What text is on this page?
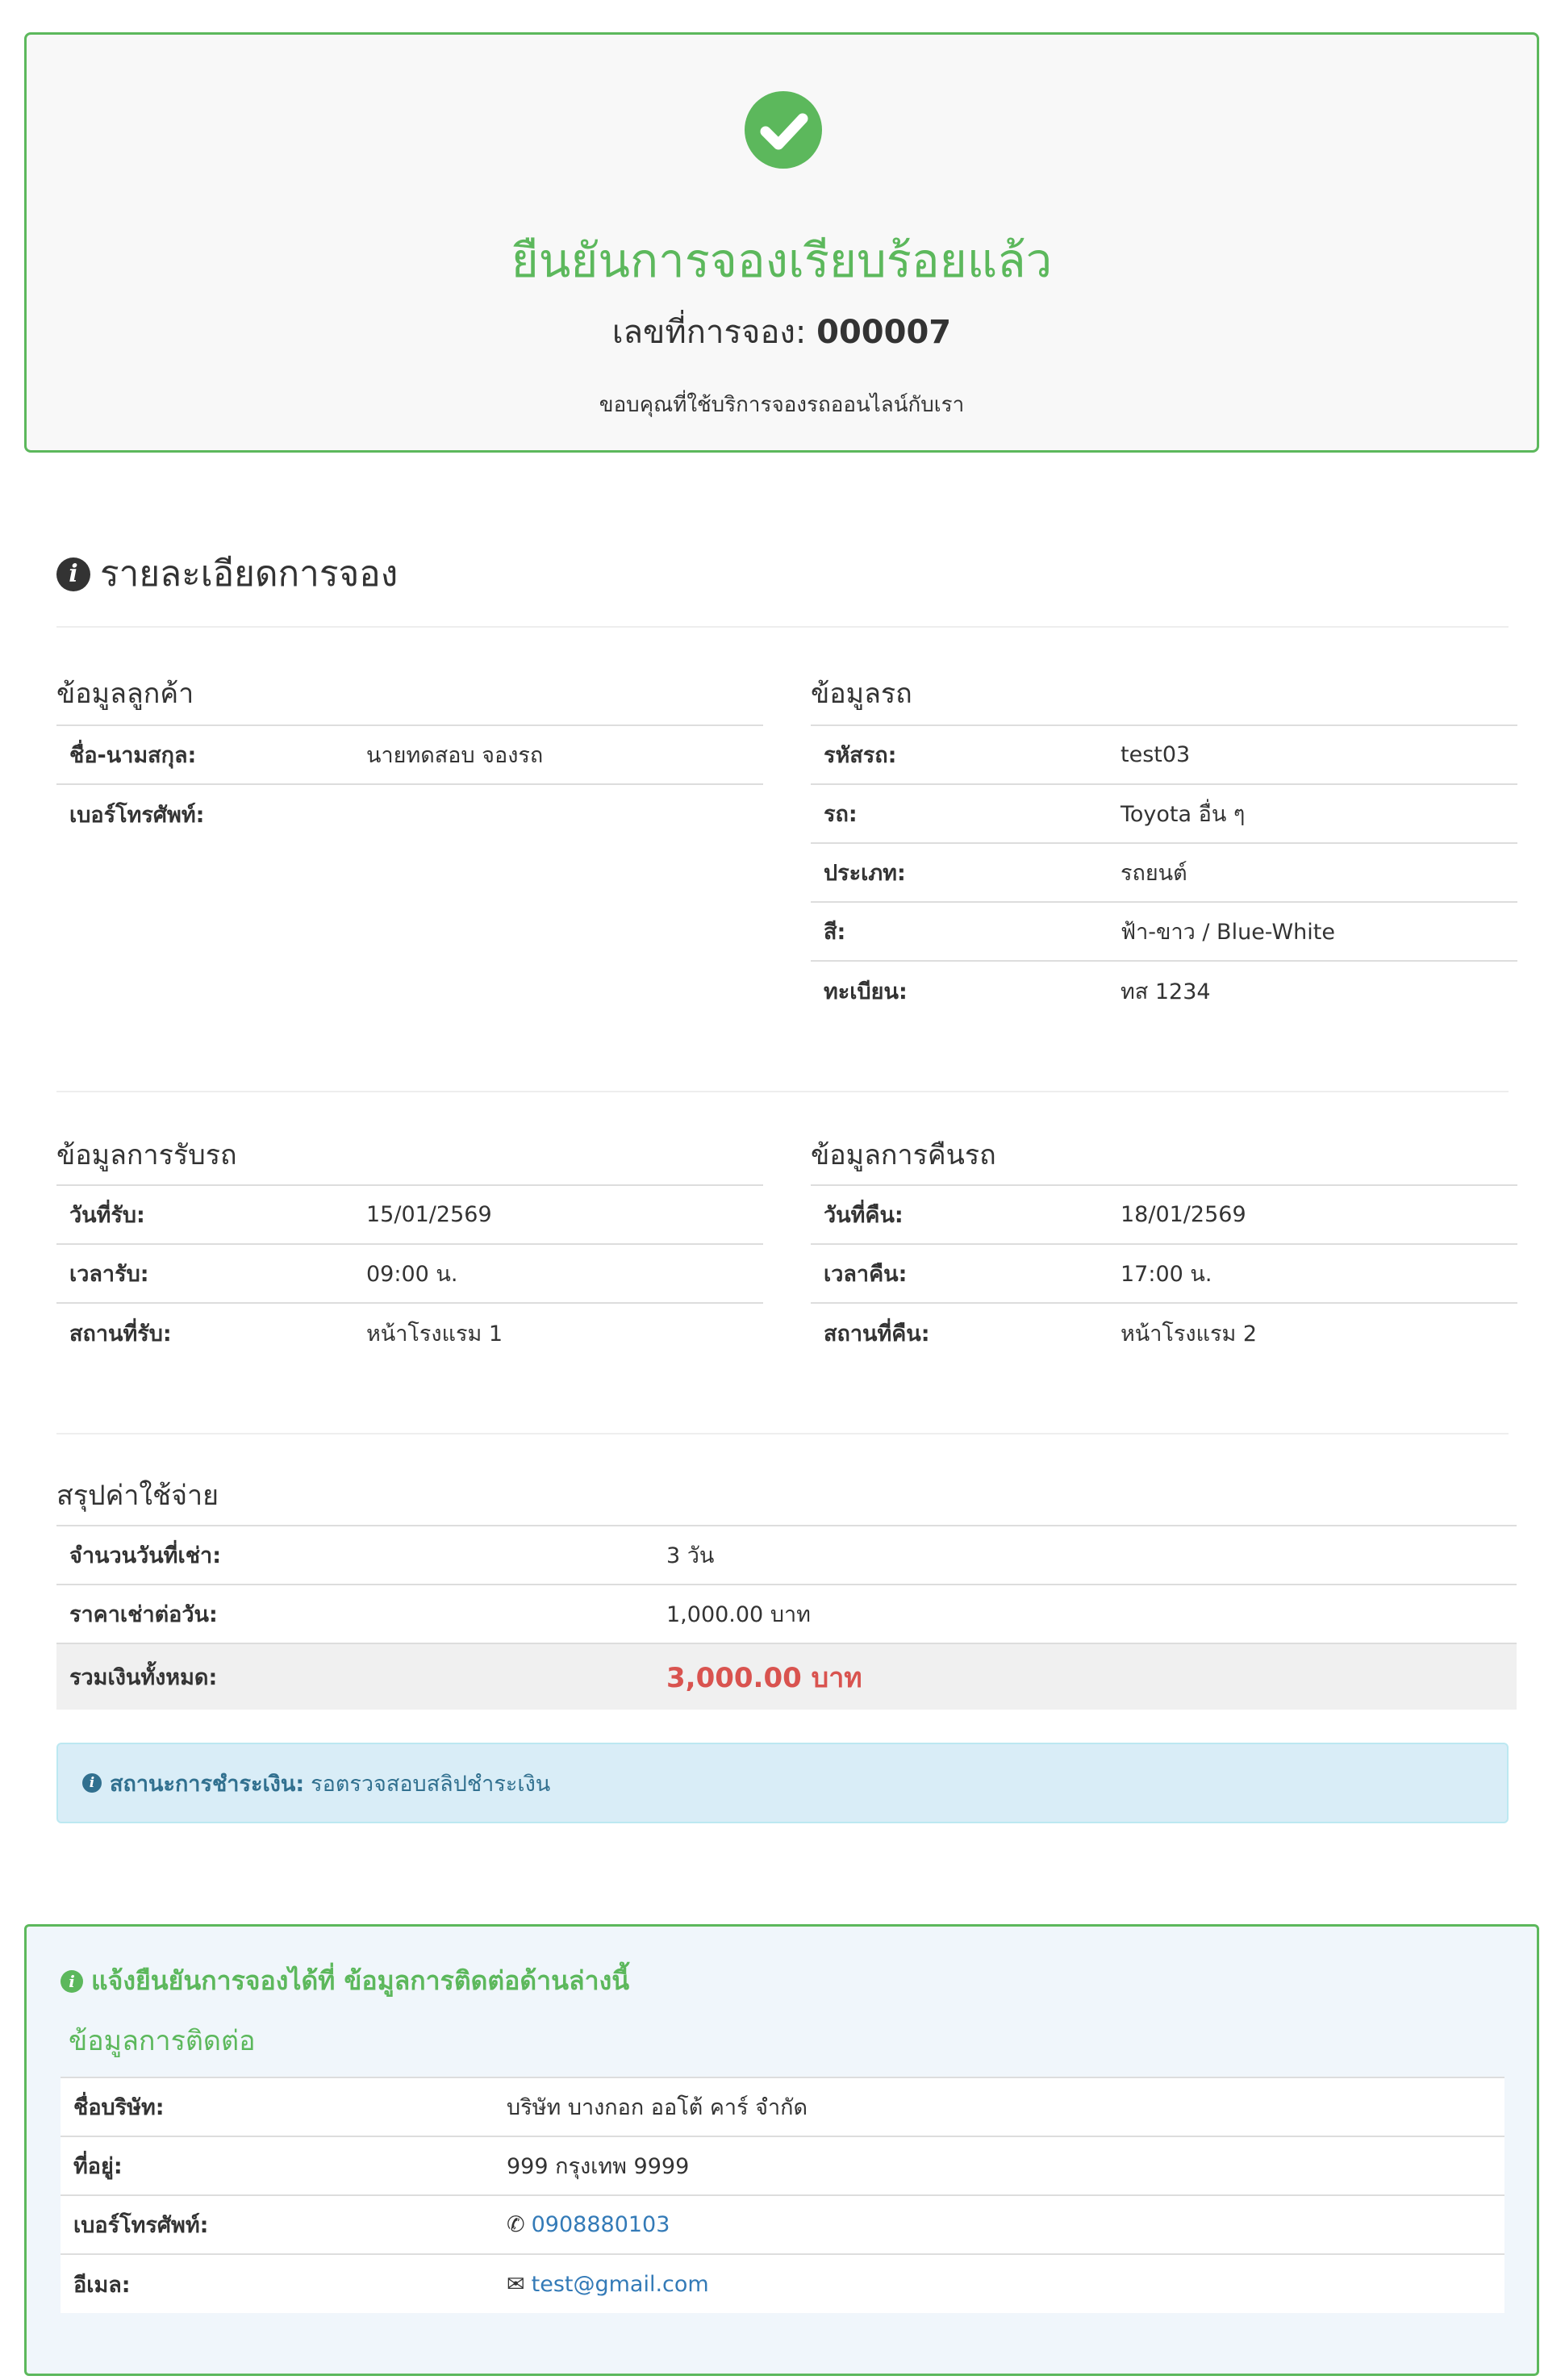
ยืนยันการจองเรียบร้อยแล้ว
เลขที่การจอง: 000007
ขอบคุณที่ใช้บริการจองรถออนไลน์กับเรา
i รายละเอียดการจอง
ข้อมูลลูกค้า
ชื่อ-นามสกุล:	นายทดสอบ จองรถ
เบอร์โทรศัพท์:	
ข้อมูลรถ
รหัสรถ:	test03
รถ:	Toyota อื่น ๆ
ประเภท:	รถยนต์
สี:	ฟ้า-ขาว / Blue-White
ทะเบียน:	ทส 1234
ข้อมูลการรับรถ
วันที่รับ:	15/01/2569
เวลารับ:	09:00 น.
สถานที่รับ:	หน้าโรงแรม 1
ข้อมูลการคืนรถ
วันที่คืน:	18/01/2569
เวลาคืน:	17:00 น.
สถานที่คืน:	หน้าโรงแรม 2
สรุปค่าใช้จ่าย
จำนวนวันที่เช่า:	3 วัน
ราคาเช่าต่อวัน:	1,000.00 บาท
รวมเงินทั้งหมด:	3,000.00 บาท
i สถานะการชำระเงิน: รอตรวจสอบสลิปชำระเงิน
i แจ้งยืนยันการจองได้ที่ ข้อมูลการติดต่อด้านล่างนี้
ข้อมูลการติดต่อ
ชื่อบริษัท:	บริษัท บางกอก ออโต้ คาร์ จำกัด
ที่อยู่:	999 กรุงเทพ 9999
เบอร์โทรศัพท์:	✆ 0908880103
อีเมล:	✉ test@gmail.com
